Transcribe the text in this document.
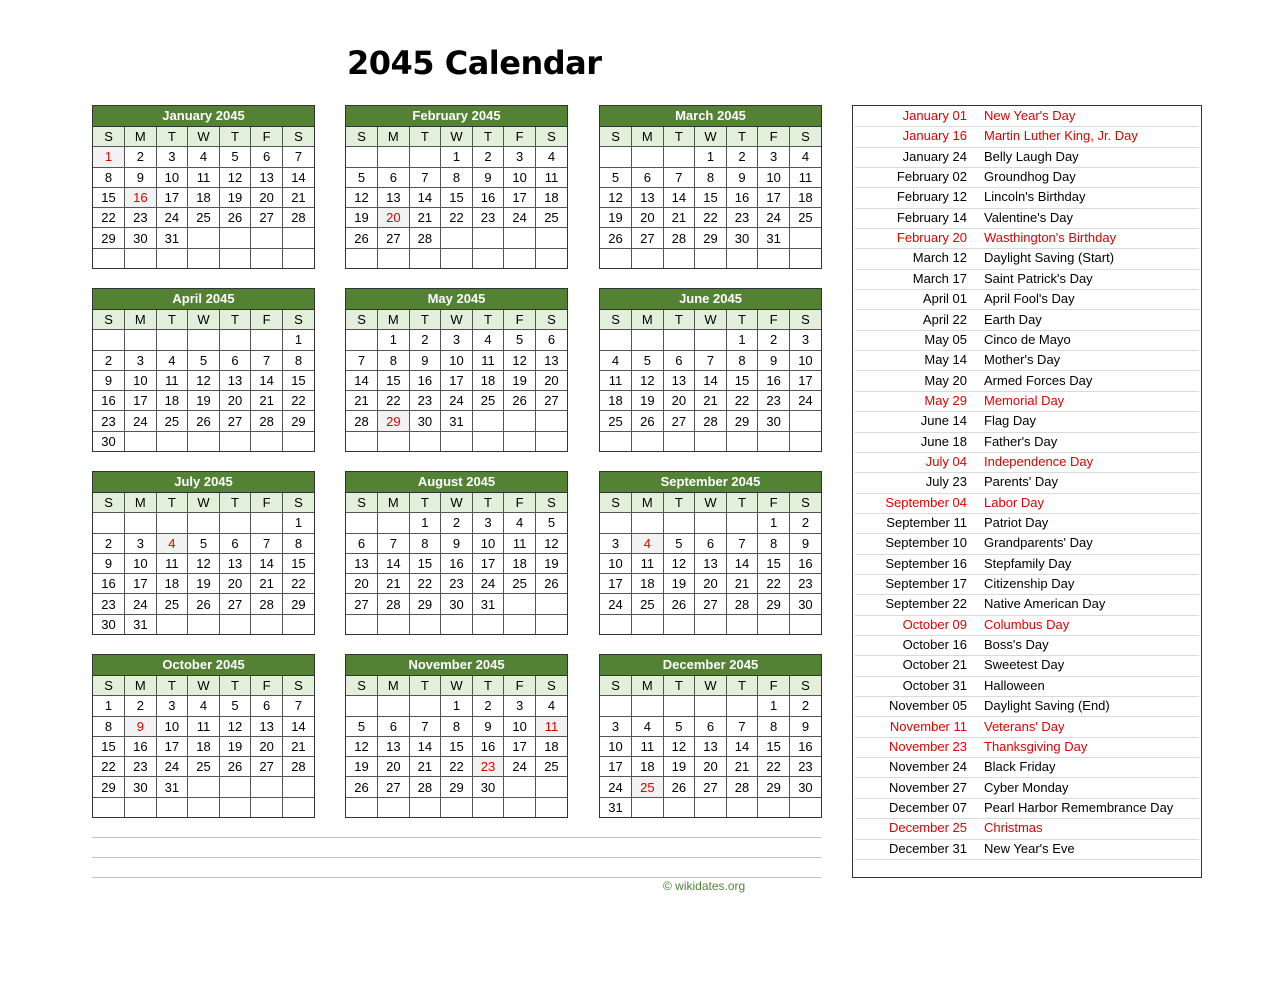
2045 Calendar
January 2045
S	M	T	W	T	F	S
1	2	3	4	5	6	7
8	9	10	11	12	13	14
15	16	17	18	19	20	21
22	23	24	25	26	27	28
29	30	31				

February 2045
S	M	T	W	T	F	S
			1	2	3	4
5	6	7	8	9	10	11
12	13	14	15	16	17	18
19	20	21	22	23	24	25
26	27	28				

March 2045
S	M	T	W	T	F	S
			1	2	3	4
5	6	7	8	9	10	11
12	13	14	15	16	17	18
19	20	21	22	23	24	25
26	27	28	29	30	31	

April 2045
S	M	T	W	T	F	S
						1
2	3	4	5	6	7	8
9	10	11	12	13	14	15
16	17	18	19	20	21	22
23	24	25	26	27	28	29
30						
May 2045
S	M	T	W	T	F	S
	1	2	3	4	5	6
7	8	9	10	11	12	13
14	15	16	17	18	19	20
21	22	23	24	25	26	27
28	29	30	31			

June 2045
S	M	T	W	T	F	S
				1	2	3
4	5	6	7	8	9	10
11	12	13	14	15	16	17
18	19	20	21	22	23	24
25	26	27	28	29	30	

July 2045
S	M	T	W	T	F	S
						1
2	3	4	5	6	7	8
9	10	11	12	13	14	15
16	17	18	19	20	21	22
23	24	25	26	27	28	29
30	31					
August 2045
S	M	T	W	T	F	S
		1	2	3	4	5
6	7	8	9	10	11	12
13	14	15	16	17	18	19
20	21	22	23	24	25	26
27	28	29	30	31		

September 2045
S	M	T	W	T	F	S
					1	2
3	4	5	6	7	8	9
10	11	12	13	14	15	16
17	18	19	20	21	22	23
24	25	26	27	28	29	30

October 2045
S	M	T	W	T	F	S
1	2	3	4	5	6	7
8	9	10	11	12	13	14
15	16	17	18	19	20	21
22	23	24	25	26	27	28
29	30	31				

November 2045
S	M	T	W	T	F	S
			1	2	3	4
5	6	7	8	9	10	11
12	13	14	15	16	17	18
19	20	21	22	23	24	25
26	27	28	29	30		

December 2045
S	M	T	W	T	F	S
					1	2
3	4	5	6	7	8	9
10	11	12	13	14	15	16
17	18	19	20	21	22	23
24	25	26	27	28	29	30
31						
© wikidates.org
January 01 New Year's Day
January 16 Martin Luther King, Jr. Day
January 24 Belly Laugh Day
February 02 Groundhog Day
February 12 Lincoln's Birthday
February 14 Valentine's Day
February 20 Wasthington's Birthday
March 12 Daylight Saving (Start)
March 17 Saint Patrick's Day
April 01 April Fool's Day
April 22 Earth Day
May 05 Cinco de Mayo
May 14 Mother's Day
May 20 Armed Forces Day
May 29 Memorial Day
June 14 Flag Day
June 18 Father's Day
July 04 Independence Day
July 23 Parents' Day
September 04 Labor Day
September 11 Patriot Day
September 10 Grandparents' Day
September 16 Stepfamily Day
September 17 Citizenship Day
September 22 Native American Day
October 09 Columbus Day
October 16 Boss's Day
October 21 Sweetest Day
October 31 Halloween
November 05 Daylight Saving (End)
November 11 Veterans' Day
November 23 Thanksgiving Day
November 24 Black Friday
November 27 Cyber Monday
December 07 Pearl Harbor Remembrance Day
December 25 Christmas
December 31 New Year's Eve
